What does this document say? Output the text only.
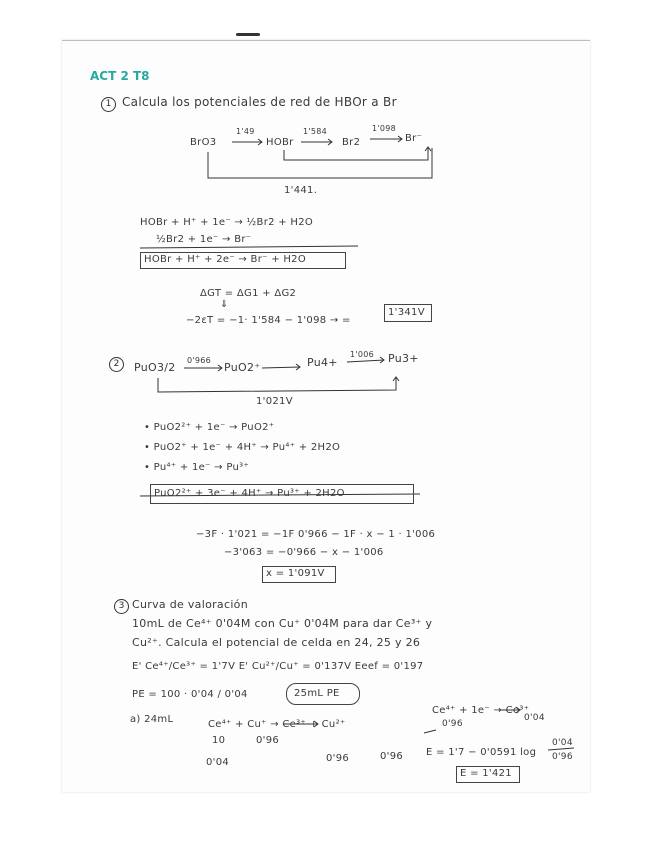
ACT 2 T8
1 Calcula los potenciales de red de HBOr a Br
BrO3
1'49
HOBr
1'584
Br2
1'098
Br⁻
1'441.
HOBr + H⁺ + 1e⁻ → ½Br2 + H2O
½Br2 + 1e⁻ → Br⁻
HOBr + H⁺ + 2e⁻ → Br⁻ + H2O
ΔGT = ΔG1 + ΔG2
⇓
−2εT = −1· 1'584 − 1'098 → =
1'341V
2	PuO3/2
0'966
PuO2⁺	Pu4+
1'006 Pu3+
1'021V
• PuO2²⁺ + 1e⁻ → PuO2⁺
• PuO2⁺ + 1e⁻ + 4H⁺ → Pu⁴⁺ + 2H2O
• Pu⁴⁺ + 1e⁻ → Pu³⁺
PuO2²⁺ + 3e⁻ + 4H⁺ → Pu³⁺ + 2H2O
−3F · 1'021 = −1F 0'966 − 1F · x − 1 · 1'006
−3'063 = −0'966 − x − 1'006
x = 1'091V
3 Curva de valoración
10mL de Ce⁴⁺ 0'04M con Cu⁺ 0'04M para dar Ce³⁺ y
Cu²⁺. Calcula el potencial de celda en 24, 25 y 26
E' Ce⁴⁺/Ce³⁺ = 1'7V E' Cu²⁺/Cu⁺ = 0'137V Eeef = 0'197
PE = 100 · 0'04 / 0'04	25mL PE
a) 24mL	Ce⁴⁺ + Cu⁺ → Ce³⁺ + Cu²⁺
10	0'96
0'04	0'96	0'96
Ce⁴⁺ + 1e⁻ → Ce³⁺
0'96
0'04
E = 1'7 − 0'0591 log
0'04
0'96
E = 1'421
